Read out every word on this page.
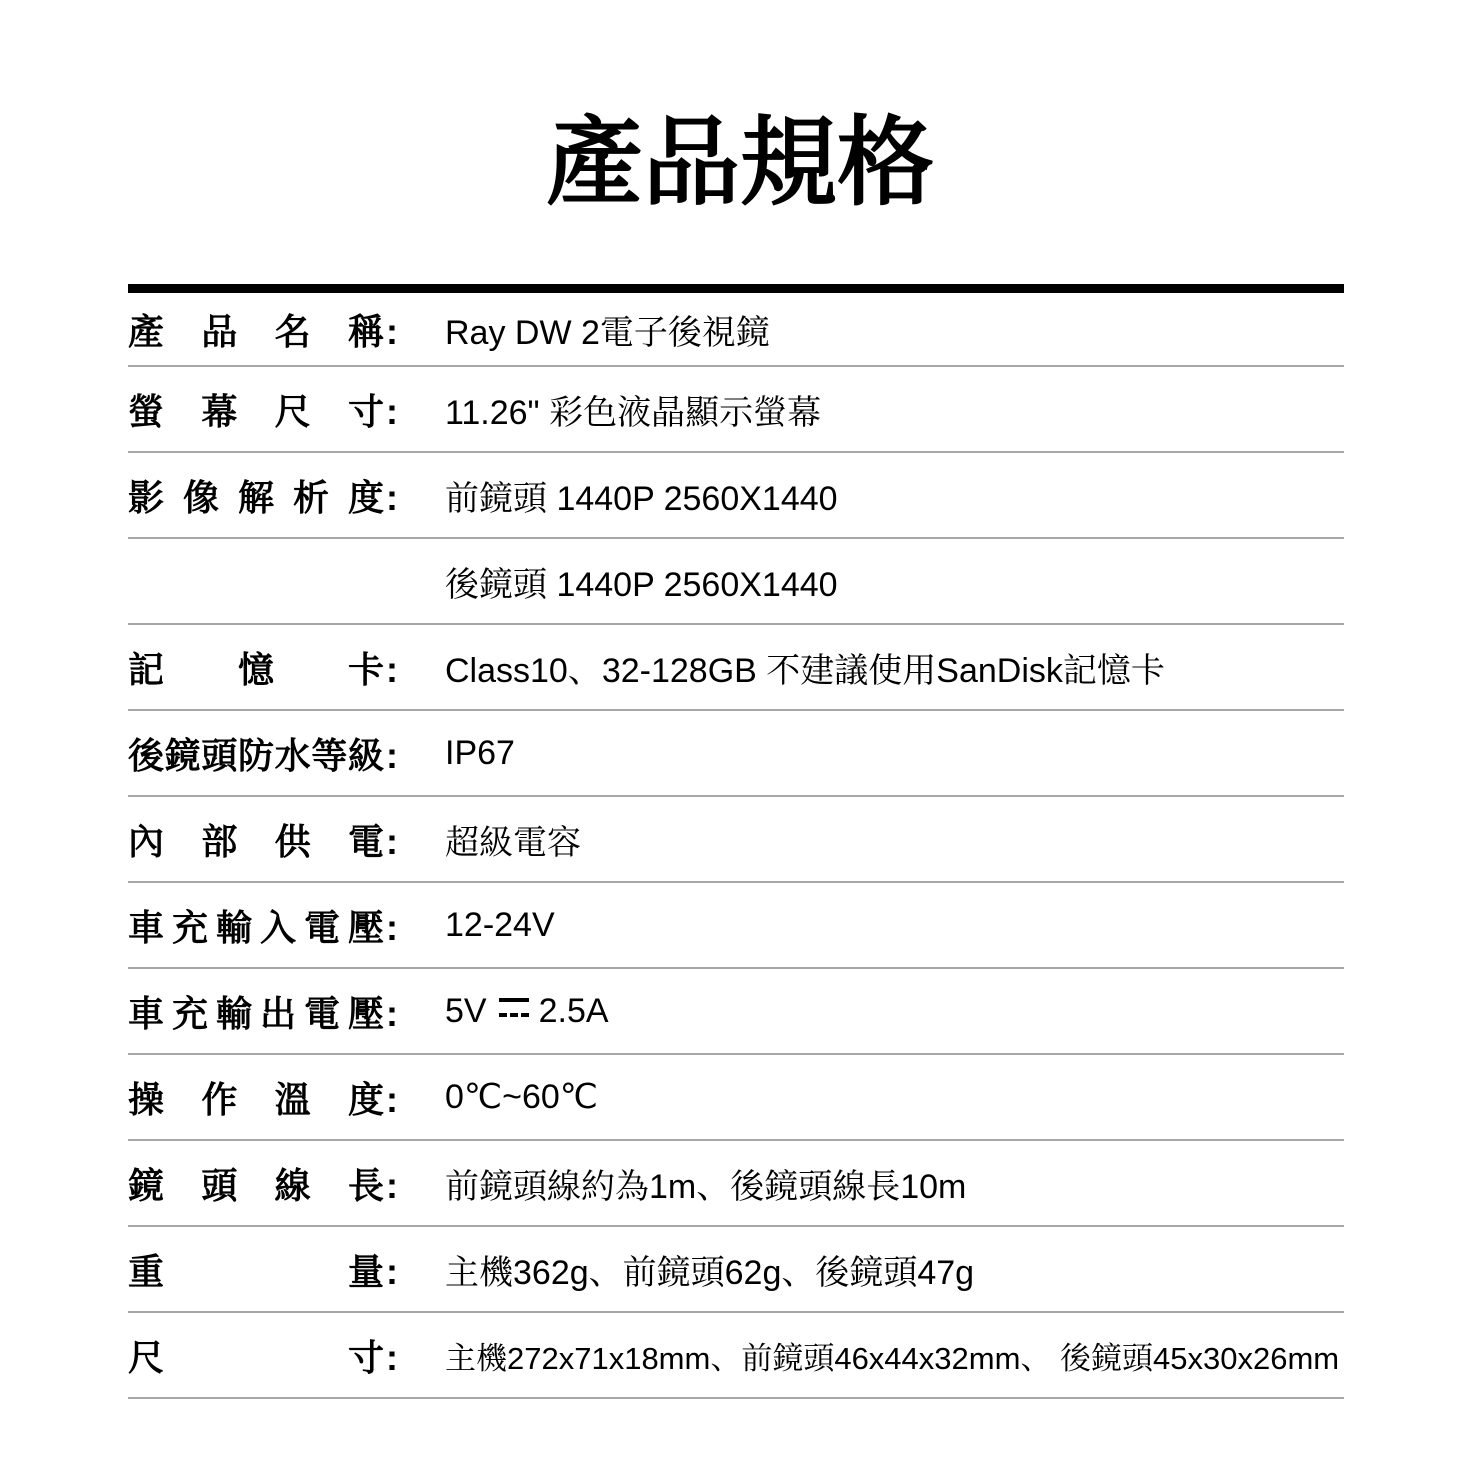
產品規格
產品名稱 : Ray DW 2電子後視鏡
螢幕尺寸 : 11.26" 彩色液晶顯示螢幕
影像解析度 : 前鏡頭 1440P 2560X1440
後鏡頭 1440P 2560X1440
記憶卡 : Class10、32-128GB 不建議使用SanDisk記憶卡
後鏡頭防水等級 : IP67
內部供電 : 超級電容
車充輸入電壓 : 12-24V
車充輸出電壓 : 5V 2.5A
操作溫度 : 0℃~60℃
鏡頭線長 : 前鏡頭線約為1m、後鏡頭線長10m
重量 : 主機362g、前鏡頭62g、後鏡頭47g
尺寸 : 主機272x71x18mm、前鏡頭46x44x32mm、 後鏡頭45x30x26mm
